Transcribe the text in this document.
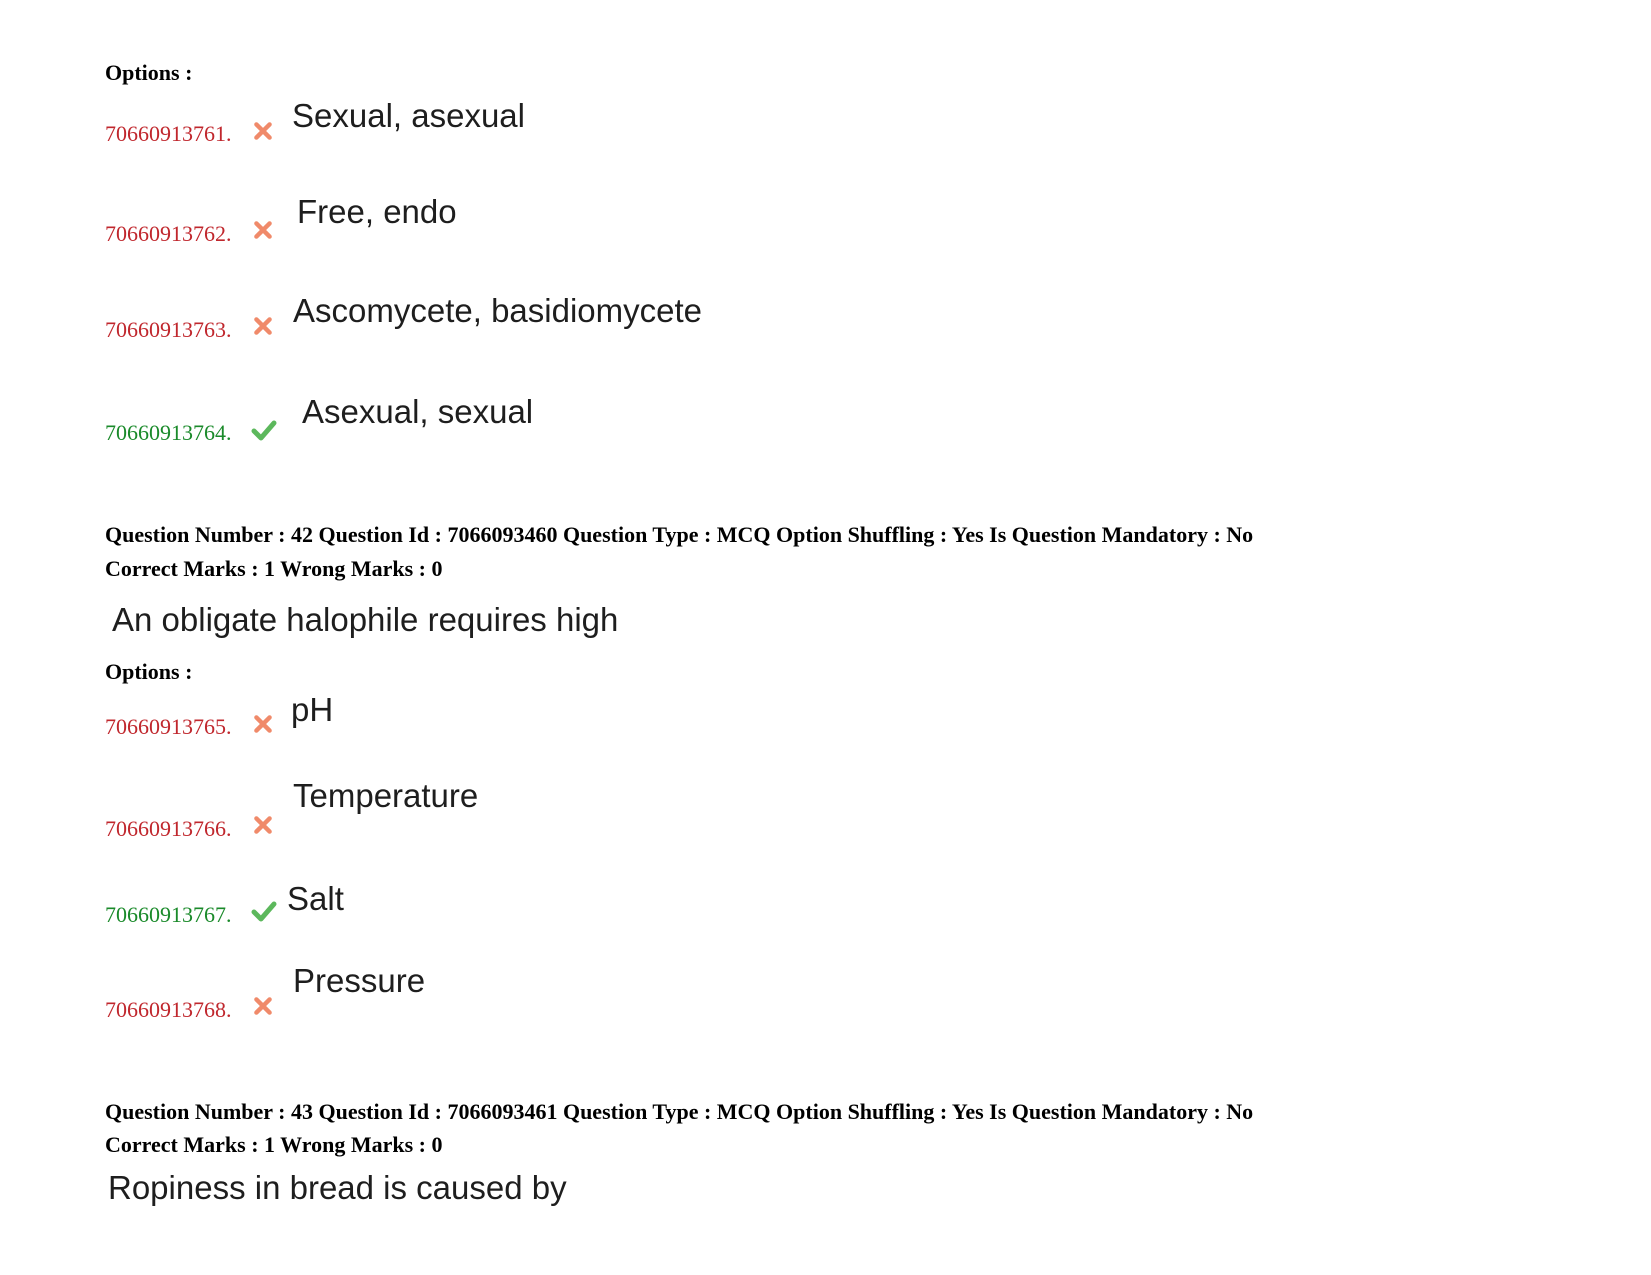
Options :
70660913761. Sexual, asexual
70660913762.
Free, endo
70660913763.
Ascomycete, basidiomycete
70660913764.
Asexual, sexual
Question Number : 42 Question Id : 7066093460 Question Type : MCQ Option Shuffling : Yes Is Question Mandatory : No
Correct Marks : 1 Wrong Marks : 0
An obligate halophile requires high
Options :
70660913765. pH
70660913766.
Temperature
70660913767. Salt
70660913768.
Pressure
Question Number : 43 Question Id : 7066093461 Question Type : MCQ Option Shuffling : Yes Is Question Mandatory : No
Correct Marks : 1 Wrong Marks : 0
Ropiness in bread is caused by
